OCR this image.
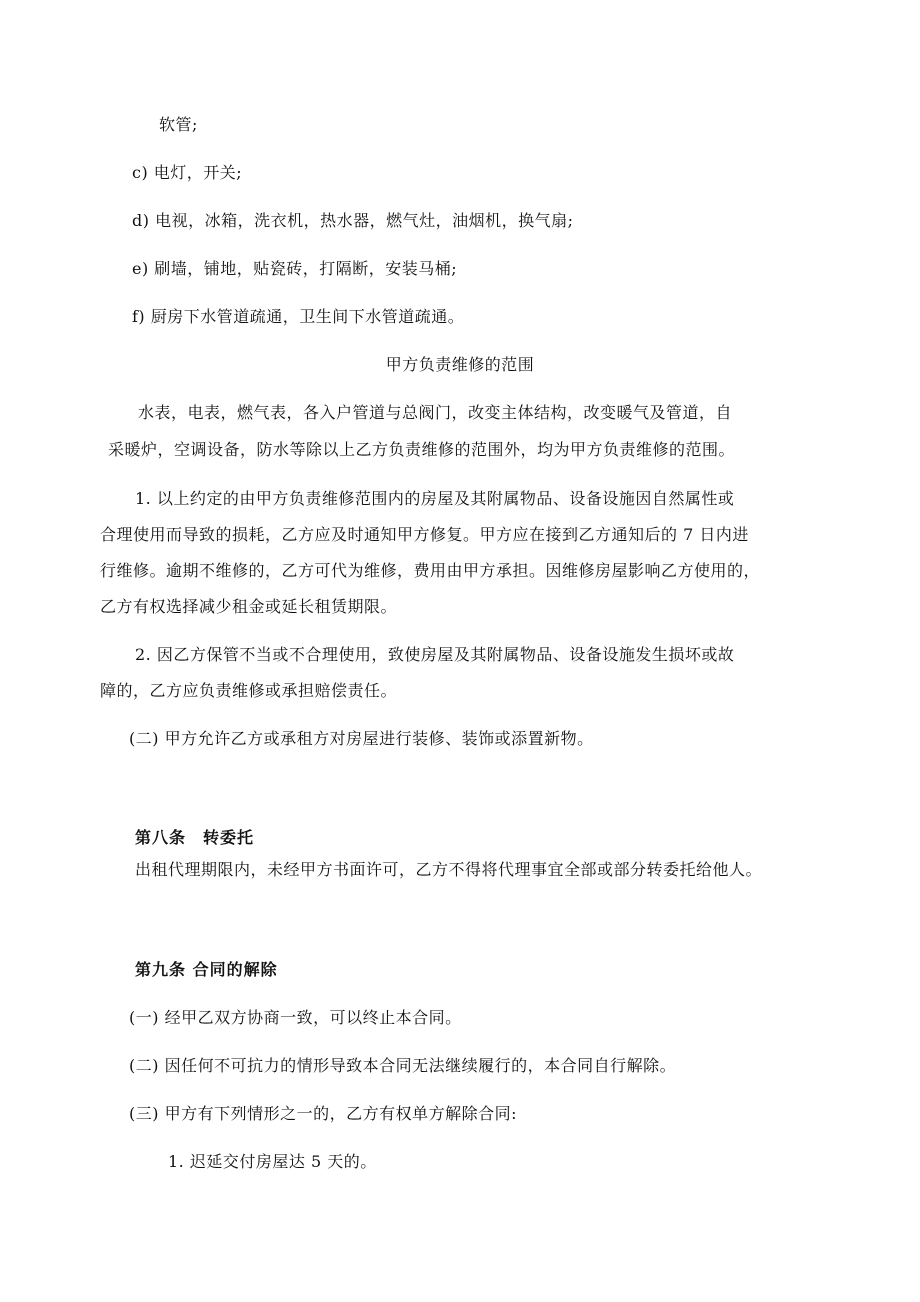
软管;
c) 电灯，开关;
d) 电视，冰箱，洗衣机，热水器，燃气灶，油烟机，换气扇;
e) 刷墙，铺地，贴瓷砖，打隔断，安装马桶;
f) 厨房下水管道疏通，卫生间下水管道疏通。
甲方负责维修的范围
水表，电表，燃气表，各入户管道与总阀门，改变主体结构，改变暖气及管道，自
采暖炉，空调设备，防水等除以上乙方负责维修的范围外，均为甲方负责维修的范围。
1. 以上约定的由甲方负责维修范围内的房屋及其附属物品、设备设施因自然属性或
合理使用而导致的损耗，乙方应及时通知甲方修复。甲方应在接到乙方通知后的 7 日内进
行维修。逾期不维修的，乙方可代为维修，费用由甲方承担。因维修房屋影响乙方使用的，
乙方有权选择减少租金或延长租赁期限。
2. 因乙方保管不当或不合理使用，致使房屋及其附属物品、设备设施发生损坏或故
障的，乙方应负责维修或承担赔偿责任。
(二) 甲方允许乙方或承租方对房屋进行装修、装饰或添置新物。
第八条　转委托
出租代理期限内，未经甲方书面许可，乙方不得将代理事宜全部或部分转委托给他人。
第九条 合同的解除
(一) 经甲乙双方协商一致，可以终止本合同。
(二) 因任何不可抗力的情形导致本合同无法继续履行的，本合同自行解除。
(三) 甲方有下列情形之一的，乙方有权单方解除合同:
1. 迟延交付房屋达 5 天的。
